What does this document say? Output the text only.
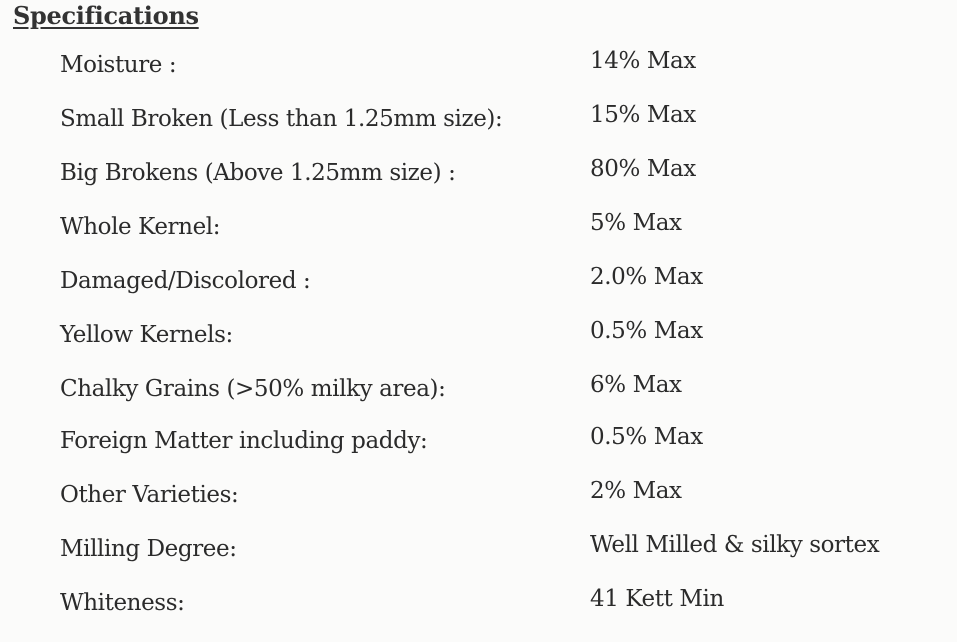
Specifications
Moisture :	14% Max
Small Broken (Less than 1.25mm size):	15% Max
Big Brokens (Above 1.25mm size) :	80% Max
Whole Kernel:	5% Max
Damaged/Discolored :	2.0% Max
Yellow Kernels:	0.5% Max
Chalky Grains (>50% milky area):	6% Max
Foreign Matter including paddy:	0.5% Max
Other Varieties:	2% Max
Milling Degree:	Well Milled & silky sortex
Whiteness:	41 Kett Min
